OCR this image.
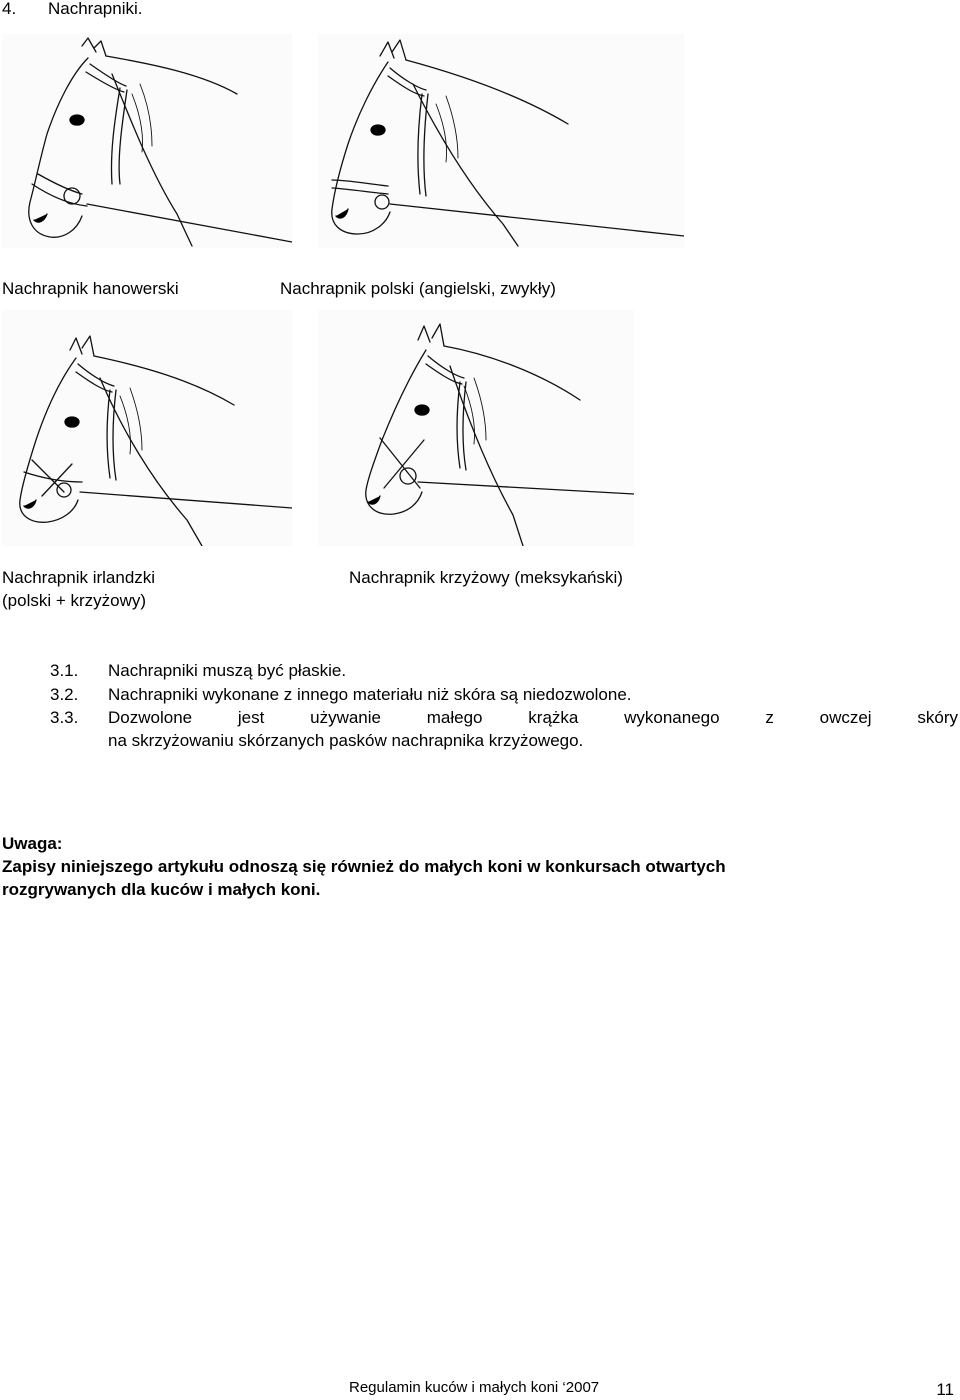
4. Nachrapniki.
Nachrapnik hanowerski	Nachrapnik polski (angielski, zwykły)
Nachrapnik irlandzki
(polski + krzyżowy)
Nachrapnik krzyżowy (meksykański)
3.1. Nachrapniki muszą być płaskie.
3.2. Nachrapniki wykonane z innego materiału niż skóra są niedozwolone.
3.3. Dozwolone	jest	używanie	małego	krążka	wykonanego	z	owczej	skóry
na skrzyżowaniu skórzanych pasków nachrapnika krzyżowego.
Uwaga:
Zapisy niniejszego artykułu odnoszą się również do małych koni w konkursach otwartych
rozgrywanych dla kuców i małych koni.
Regulamin kuców i małych koni ‘2007	11
